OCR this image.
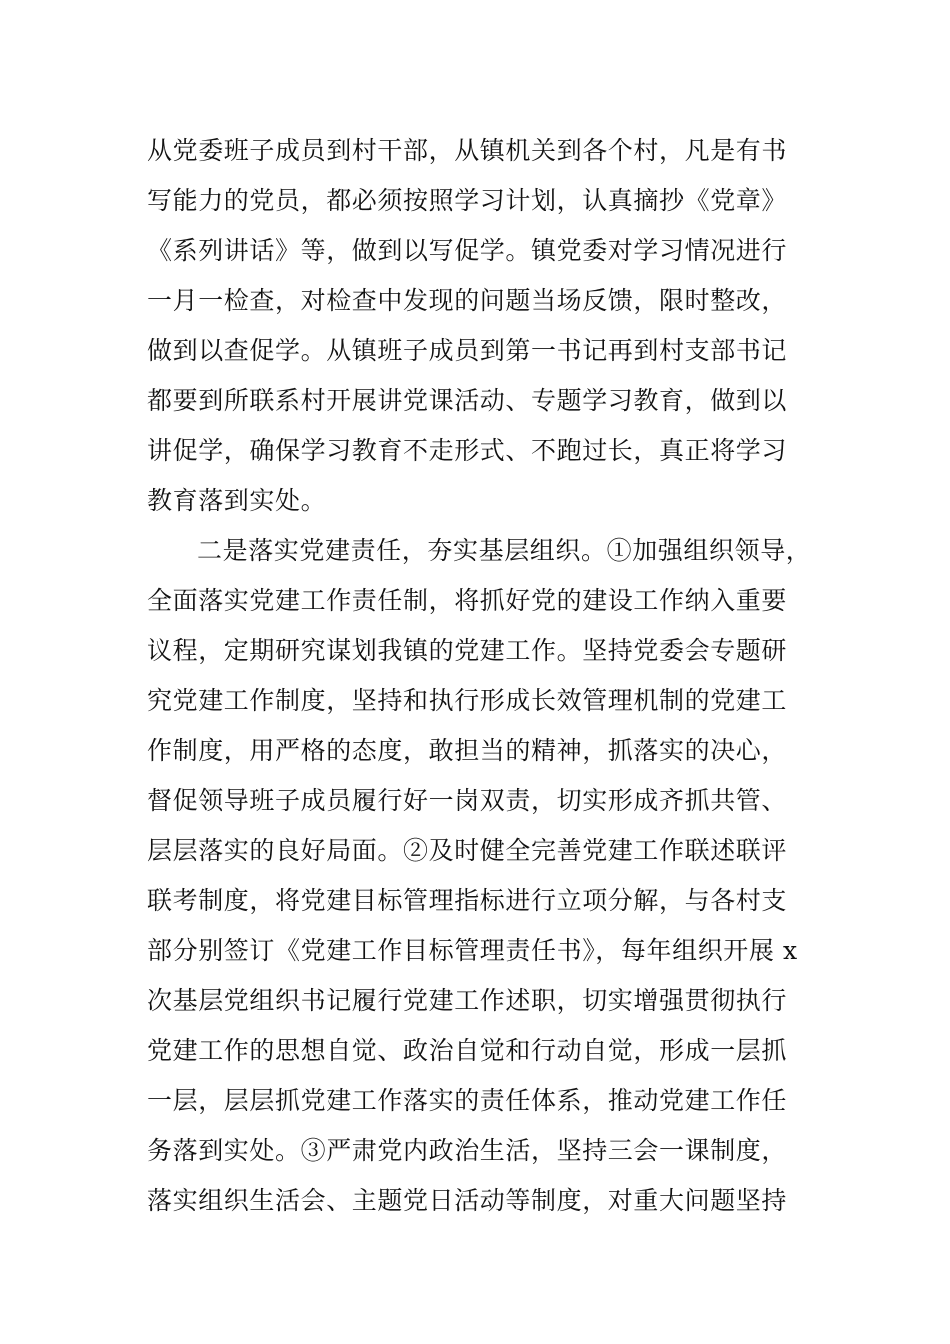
从党委班子成员到村干部，从镇机关到各个村，凡是有书
写能力的党员，都必须按照学习计划，认真摘抄《党章》
《系列讲话》等，做到以写促学。镇党委对学习情况进行
一月一检查，对检查中发现的问题当场反馈，限时整改，
做到以查促学。从镇班子成员到第一书记再到村支部书记
都要到所联系村开展讲党课活动、专题学习教育，做到以
讲促学，确保学习教育不走形式、不跑过长，真正将学习
教育落到实处。
二是落实党建责任，夯实基层组织。①加强组织领导，
全面落实党建工作责任制，将抓好党的建设工作纳入重要
议程，定期研究谋划我镇的党建工作。坚持党委会专题研
究党建工作制度，坚持和执行形成长效管理机制的党建工
作制度，用严格的态度，敢担当的精神，抓落实的决心，
督促领导班子成员履行好一岗双责，切实形成齐抓共管、
层层落实的良好局面。②及时健全完善党建工作联述联评
联考制度，将党建目标管理指标进行立项分解，与各村支
部分别签订《党建工作目标管理责任书》，每年组织开展 x
次基层党组织书记履行党建工作述职，切实增强贯彻执行
党建工作的思想自觉、政治自觉和行动自觉，形成一层抓
一层，层层抓党建工作落实的责任体系，推动党建工作任
务落到实处。③严肃党内政治生活，坚持三会一课制度，
落实组织生活会、主题党日活动等制度，对重大问题坚持
